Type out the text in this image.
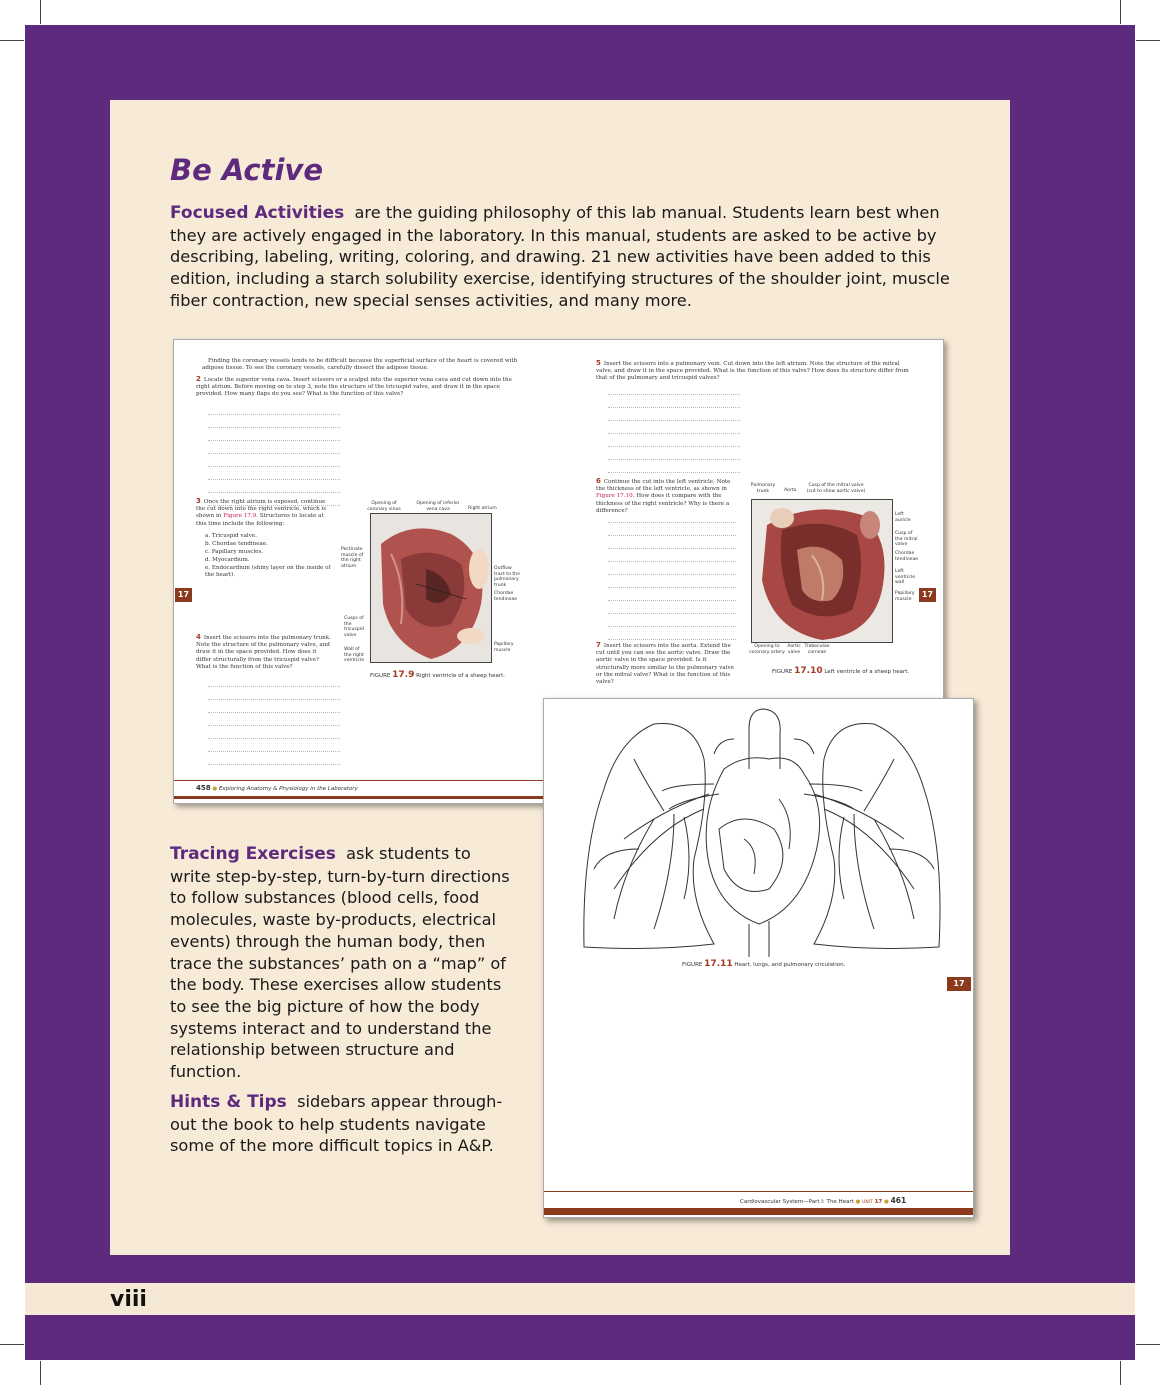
viii
Be Active

Focused Activities are the guiding philosophy of this lab manual. Students learn best when they are actively engaged in the laboratory. In this manual, students are asked to be active by describing, labeling, writing, coloring, and drawing. 21 new activities have been added to this edition, including a starch solubility exercise, identifying structures of the shoulder joint, muscle fiber contraction, new special senses activities, and many more.

Finding the coronary vessels tends to be difficult because the superficial surface of the heart is covered with adipose tissue. To see the coronary vessels, carefully dissect the adipose tissue.

2 Locate the superior vena cava. Insert scissors or a scalpel into the superior vena cava and cut down into the right atrium. Before moving on to step 3, note the structure of the tricuspid valve, and draw it in the space provided. How many flaps do you see? What is the function of this valve?

3 Once the right atrium is exposed, continue the cut down into the right ventricle, which is shown in Figure 17.9. Structures to locate at this time include the following:

a. Tricuspid valve.

b. Chordae tendineae.

c. Papillary muscles.

d. Myocardium.

e. Endocardium (shiny layer on the inside of the heart).

4 Insert the scissors into the pulmonary trunk. Note the structure of the pulmonary valve, and draw it in the space provided. How does it differ structurally from the tricuspid valve? What is the function of this valve?

Opening of coronary sinus

Opening of inferior vena cava	Right atrium

Pectinate muscle of the right atrium	Outflow tract to the pulmonary trunk

Chordae tendineae

Cusps of the tricuspid valve

Wall of the right ventricle

Papillary muscle

FIGURE 17.9 Right ventricle of a sheep heart.

5 Insert the scissors into a pulmonary vein. Cut down into the left atrium. Note the structure of the mitral valve, and draw it in the space provided. What is the function of this valve? How does its structure differ from that of the pulmonary and tricuspid valves?

6 Continue the cut into the left ventricle. Note the thickness of the left ventricle, as shown in Figure 17.10. How does it compare with the thickness of the right ventricle? Why is there a difference?

7 Insert the scissors into the aorta. Extend the cut until you can see the aortic valve. Draw the aortic valve in the space provided. Is it structurally more similar to the pulmonary valve or the mitral valve? What is the function of this valve?

Pulmonary trunk	Aorta

Cusp of the mitral valve (cut to show aortic valve)

Left auricle

Cusp of the mitral valve

Chordae tendineae

Left ventricle wall

Papillary muscle

Opening to coronary artery

Aortic valve

Trabeculae carneae

FIGURE 17.10 Left ventricle of a sheep heart.

17	17
458 ● Exploring Anatomy & Physiology in the Laboratory

FIGURE 17.11 Heart, lungs, and pulmonary circulation.

17
Cardiovascular System—Part I: The Heart ● UNIT 17 ● 461

Tracing Exercises ask students to write step-by-step, turn-by-turn directions to follow substances (blood cells, food molecules, waste by-products, electrical events) through the human body, then trace the substances’ path on a “map” of the body. These exercises allow students to see the big picture of how the body systems interact and to understand the relationship between structure and function.

Hints & Tips sidebars appear through-out the book to help students navigate some of the more difficult topics in A&P.
